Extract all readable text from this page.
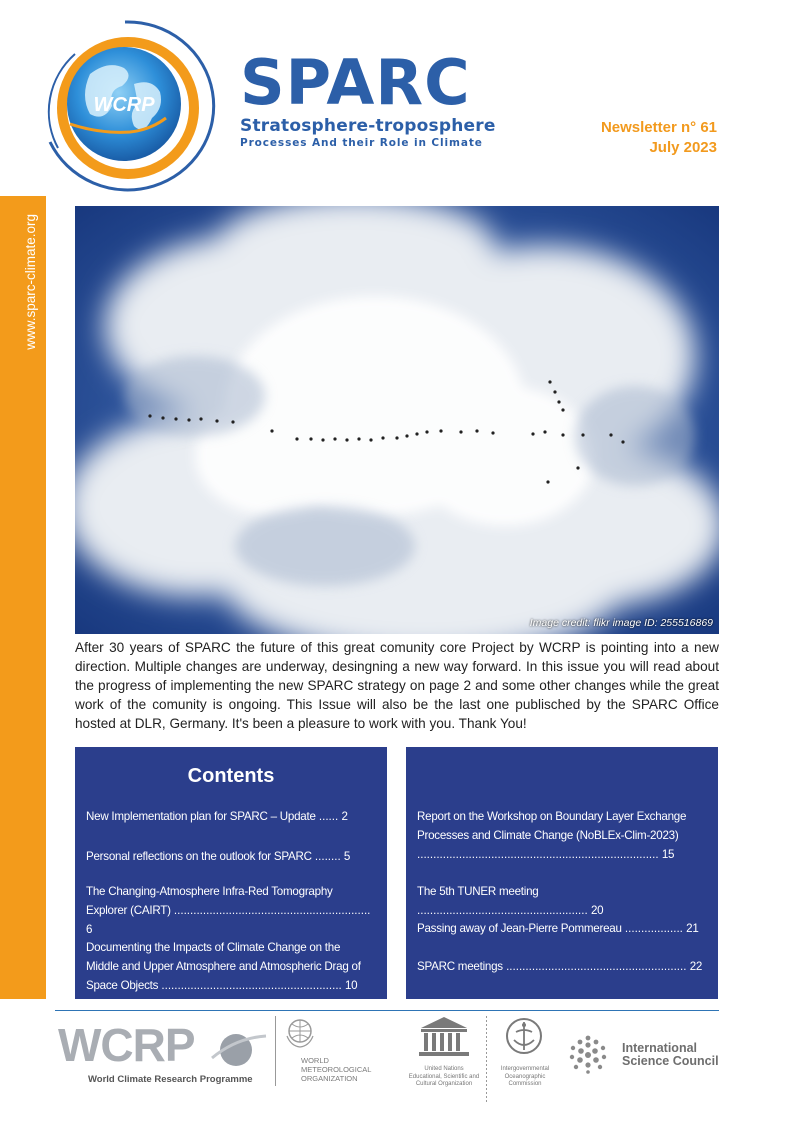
WCRP SPARC
Stratosphere-troposphere
Processes And their Role in Climate
Newsletter n° 61
July 2023
www.sparc-climate.org
Image credit: flikr image ID: 255516869
After 30 years of SPARC the future of this great comunity core Project by WCRP is pointing into a new direction. Multiple changes are underway, desingning a new way forward. In this issue you will read about the progress of implementing the new SPARC strategy on page 2 and some other changes while the great work of the comunity is ongoing. This Issue will also be the last one publisched by the SPARC Office hosted at DLR, Germany. It's been a pleasure to work with you. Thank You!
Contents
New Implementation plan for SPARC – Update ...... 2
Personal reflections on the outlook for SPARC ........ 5
The Changing-Atmosphere Infra-Red Tomography Explorer (CAIRT) ............................................................. 6
Documenting the Impacts of Climate Change on the Middle and Upper Atmosphere and Atmospheric Drag of Space Objects ........................................................ 10
Report on the Workshop on Boundary Layer Exchange Processes and Climate Change (NoBLEx-Clim-2023) ........................................................................... 15
The 5th TUNER meeting ..................................................... 20
Passing away of Jean-Pierre Pommereau .................. 21
SPARC meetings ........................................................ 22
WCRP
World Climate Research Programme
WORLD
METEOROLOGICAL
ORGANIZATION
United Nations
Educational, Scientific and
Cultural Organization
Intergovernmental
Oceanographic
Commission
International
Science Council
